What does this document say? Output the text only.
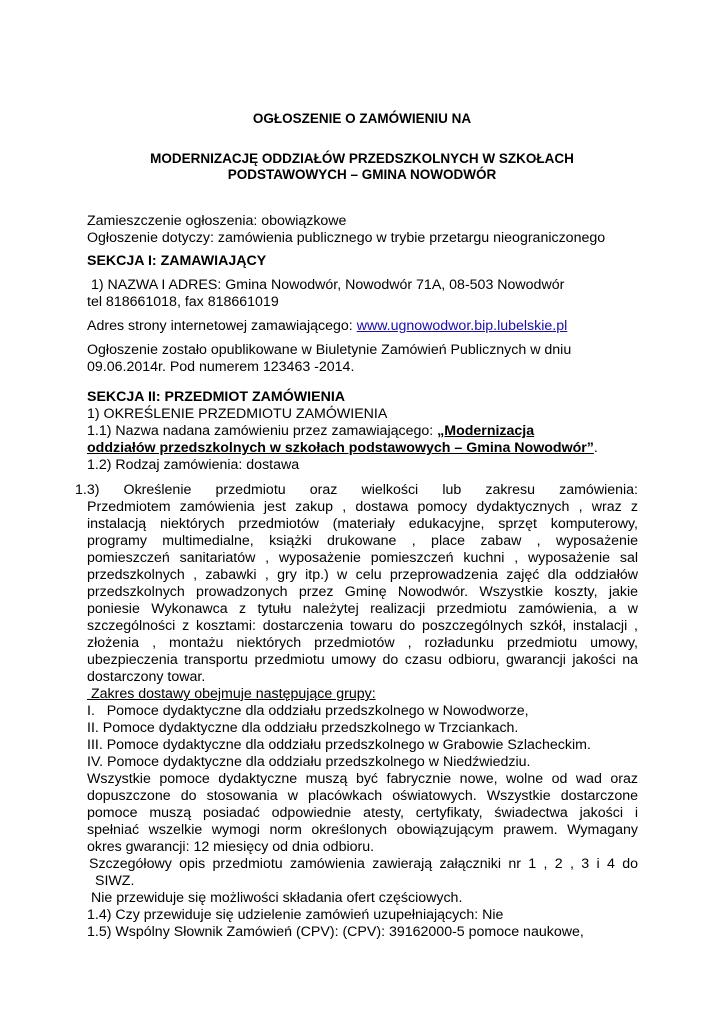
OGŁOSZENIE O ZAMÓWIENIU NA
MODERNIZACJĘ ODDZIAŁÓW PRZEDSZKOLNYCH W SZKOŁACH
PODSTAWOWYCH – GMINA NOWODWÓR
Zamieszczenie ogłoszenia: obowiązkowe
Ogłoszenie dotyczy: zamówienia publicznego w trybie przetargu nieograniczonego
SEKCJA I: ZAMAWIAJĄCY
1) NAZWA I ADRES: Gmina Nowodwór, Nowodwór 71A, 08-503 Nowodwór
tel 818661018, fax 818661019
Adres strony internetowej zamawiającego: www.ugnowodwor.bip.lubelskie.pl
Ogłoszenie zostało opublikowane w Biuletynie Zamówień Publicznych w dniu
09.06.2014r. Pod numerem 123463 -2014.
SEKCJA II: PRZEDMIOT ZAMÓWIENIA
1) OKREŚLENIE PRZEDMIOTU ZAMÓWIENIA
1.1) Nazwa nadana zamówieniu przez zamawiającego: „Modernizacja
oddziałów przedszkolnych w szkołach podstawowych – Gmina Nowodwór”.
1.2) Rodzaj zamówienia: dostawa
1.3)   Określenie   przedmiotu   oraz   wielkości   lub   zakresu   zamówienia:
Przedmiotem zamówienia jest zakup , dostawa pomocy dydaktycznych , wraz z
instalacją niektórych przedmiotów (materiały edukacyjne, sprzęt komputerowy,
programy multimedialne, książki drukowane , place zabaw , wyposażenie
pomieszczeń sanitariatów , wyposażenie pomieszczeń kuchni , wyposażenie sal
przedszkolnych , zabawki , gry itp.) w celu przeprowadzenia zajęć dla oddziałów
przedszkolnych prowadzonych przez Gminę Nowodwór. Wszystkie koszty, jakie
poniesie Wykonawca z tytułu należytej realizacji przedmiotu zamówienia, a w
szczególności z kosztami: dostarczenia towaru do poszczególnych szkół, instalacji ,
złożenia , montażu niektórych przedmiotów , rozładunku przedmiotu umowy,
ubezpieczenia transportu przedmiotu umowy do czasu odbioru, gwarancji jakości na
dostarczony towar.
Zakres dostawy obejmuje następujące grupy:
I.   Pomoce dydaktyczne dla oddziału przedszkolnego w Nowodworze,
II. Pomoce dydaktyczne dla oddziału przedszkolnego w Trzciankach.
III. Pomoce dydaktyczne dla oddziału przedszkolnego w Grabowie Szlacheckim.
IV. Pomoce dydaktyczne dla oddziału przedszkolnego w Niedźwiedziu.
Wszystkie pomoce dydaktyczne muszą być fabrycznie nowe, wolne od wad oraz
dopuszczone do stosowania w placówkach oświatowych. Wszystkie dostarczone
pomoce muszą posiadać odpowiednie atesty, certyfikaty, świadectwa jakości i
spełniać wszelkie wymogi norm określonych obowiązującym prawem. Wymagany
okres gwarancji: 12 miesięcy od dnia odbioru.
Szczegółowy opis przedmiotu zamówienia zawierają załączniki nr 1 , 2 , 3 i 4 do
SIWZ.
Nie przewiduje się możliwości składania ofert częściowych.
1.4) Czy przewiduje się udzielenie zamówień uzupełniających: Nie
1.5) Wspólny Słownik Zamówień (CPV): (CPV): 39162000-5 pomoce naukowe,
